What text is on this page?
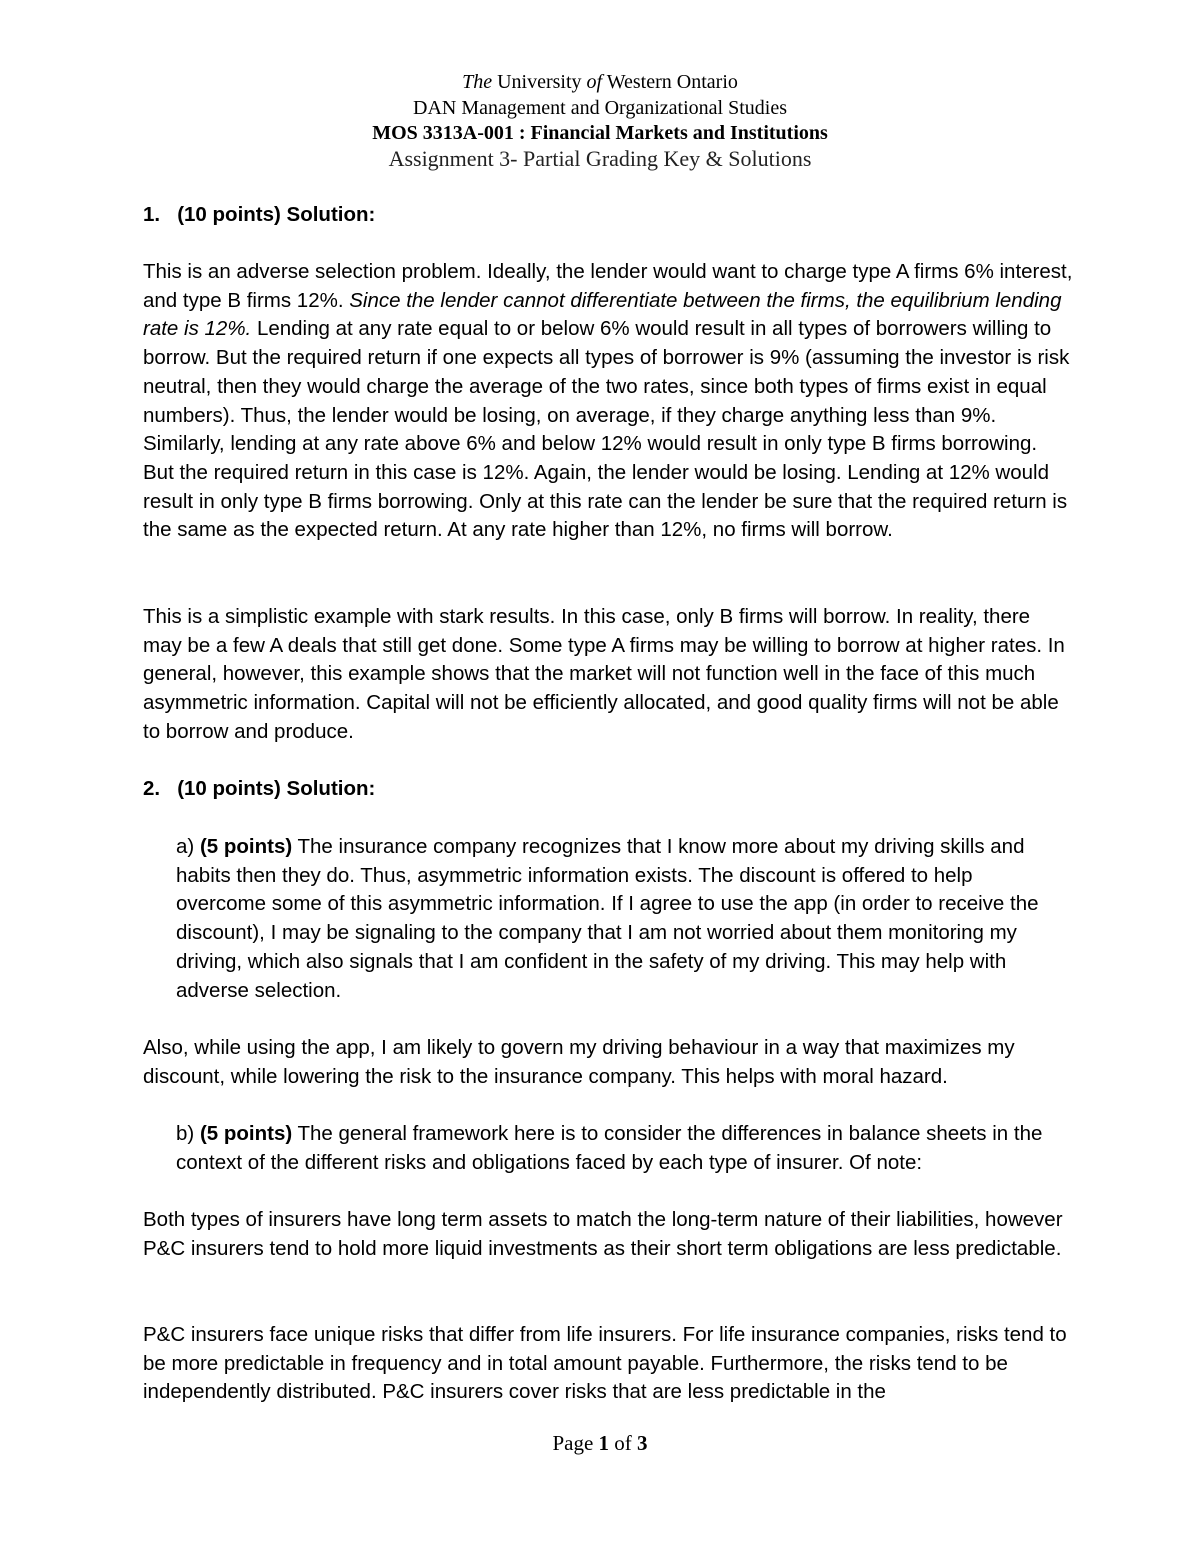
The University of Western Ontario
DAN Management and Organizational Studies
MOS 3313A-001 : Financial Markets and Institutions
Assignment 3- Partial Grading Key & Solutions

1. (10 points) Solution:

This is an adverse selection problem. Ideally, the lender would want to charge type A firms 6% interest, and type B firms 12%. Since the lender cannot differentiate between the firms, the equilibrium lending rate is 12%. Lending at any rate equal to or below 6% would result in all types of borrowers willing to borrow. But the required return if one expects all types of borrower is 9% (assuming the investor is risk neutral, then they would charge the average of the two rates, since both types of firms exist in equal numbers). Thus, the lender would be losing, on average, if they charge anything less than 9%. Similarly, lending at any rate above 6% and below 12% would result in only type B firms borrowing. But the required return in this case is 12%. Again, the lender would be losing. Lending at 12% would result in only type B firms borrowing. Only at this rate can the lender be sure that the required return is the same as the expected return. At any rate higher than 12%, no firms will borrow.

This is a simplistic example with stark results. In this case, only B firms will borrow. In reality, there may be a few A deals that still get done. Some type A firms may be willing to borrow at higher rates. In general, however, this example shows that the market will not function well in the face of this much asymmetric information. Capital will not be efficiently allocated, and good quality firms will not be able to borrow and produce.

2. (10 points) Solution:

a) (5 points) The insurance company recognizes that I know more about my driving skills and habits then they do. Thus, asymmetric information exists. The discount is offered to help overcome some of this asymmetric information. If I agree to use the app (in order to receive the discount), I may be signaling to the company that I am not worried about them monitoring my driving, which also signals that I am confident in the safety of my driving. This may help with adverse selection.

Also, while using the app, I am likely to govern my driving behaviour in a way that maximizes my discount, while lowering the risk to the insurance company. This helps with moral hazard.

b) (5 points) The general framework here is to consider the differences in balance sheets in the context of the different risks and obligations faced by each type of insurer. Of note:

Both types of insurers have long term assets to match the long-term nature of their liabilities, however P&C insurers tend to hold more liquid investments as their short term obligations are less predictable.

P&C insurers face unique risks that differ from life insurers. For life insurance companies, risks tend to be more predictable in frequency and in total amount payable. Furthermore, the risks tend to be independently distributed. P&C insurers cover risks that are less predictable in the

Page 1 of 3
